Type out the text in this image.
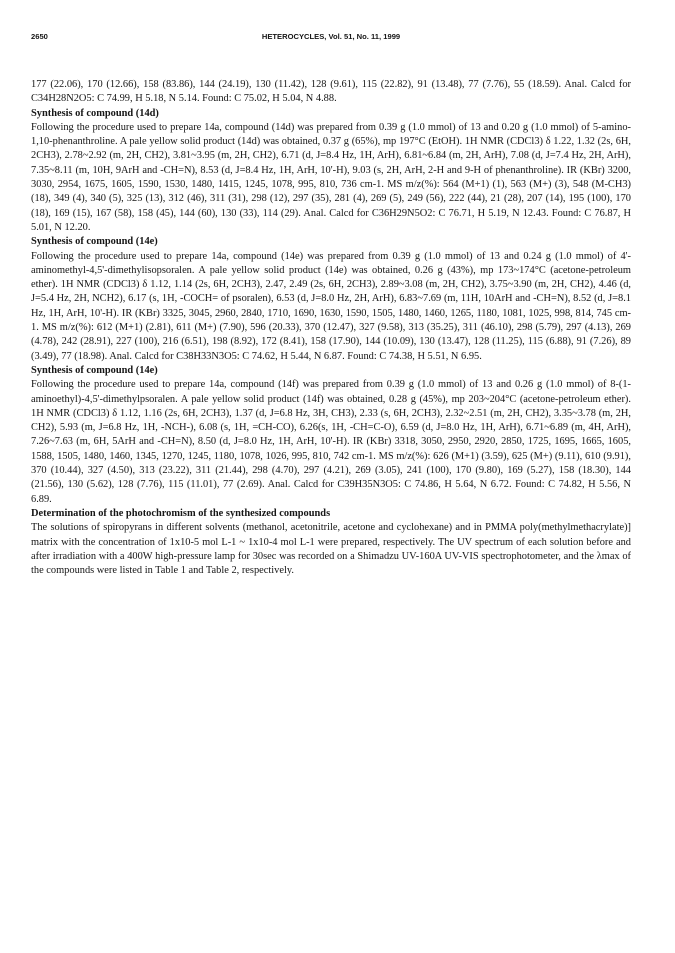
2650	HETEROCYCLES, Vol. 51, No. 11, 1999

177 (22.06), 170 (12.66), 158 (83.86), 144 (24.19), 130 (11.42), 128 (9.61), 115 (22.82), 91 (13.48), 77 (7.76), 55 (18.59). Anal. Calcd for C34H28N2O5: C 74.99, H 5.18, N 5.14. Found: C 75.02, H 5.04, N 4.88.

Synthesis of compound (14d)

Following the procedure used to prepare 14a, compound (14d) was prepared from 0.39 g (1.0 mmol) of 13 and 0.20 g (1.0 mmol) of 5-amino-1,10-phenanthroline. A pale yellow solid product (14d) was obtained, 0.37 g (65%), mp 197°C (EtOH). 1H NMR (CDCl3) δ 1.22, 1.32 (2s, 6H, 2CH3), 2.78~2.92 (m, 2H, CH2), 3.81~3.95 (m, 2H, CH2), 6.71 (d, J=8.4 Hz, 1H, ArH), 6.81~6.84 (m, 2H, ArH), 7.08 (d, J=7.4 Hz, 2H, ArH), 7.35~8.11 (m, 10H, 9ArH and -CH=N), 8.53 (d, J=8.4 Hz, 1H, ArH, 10'-H), 9.03 (s, 2H, ArH, 2-H and 9-H of phenanthroline). IR (KBr) 3200, 3030, 2954, 1675, 1605, 1590, 1530, 1480, 1415, 1245, 1078, 995, 810, 736 cm-1. MS m/z(%): 564 (M+1) (1), 563 (M+) (3), 548 (M-CH3) (18), 349 (4), 340 (5), 325 (13), 312 (46), 311 (31), 298 (12), 297 (35), 281 (4), 269 (5), 249 (56), 222 (44), 21 (28), 207 (14), 195 (100), 170 (18), 169 (15), 167 (58), 158 (45), 144 (60), 130 (33), 114 (29). Anal. Calcd for C36H29N5O2: C 76.71, H 5.19, N 12.43. Found: C 76.87, H 5.01, N 12.20.

Synthesis of compound (14e)

Following the procedure used to prepare 14a, compound (14e) was prepared from 0.39 g (1.0 mmol) of 13 and 0.24 g (1.0 mmol) of 4'-aminomethyl-4,5'-dimethylisopsoralen. A pale yellow solid product (14e) was obtained, 0.26 g (43%), mp 173~174°C (acetone-petroleum ether). 1H NMR (CDCl3) δ 1.12, 1.14 (2s, 6H, 2CH3), 2.47, 2.49 (2s, 6H, 2CH3), 2.89~3.08 (m, 2H, CH2), 3.75~3.90 (m, 2H, CH2), 4.46 (d, J=5.4 Hz, 2H, NCH2), 6.17 (s, 1H, -COCH= of psoralen), 6.53 (d, J=8.0 Hz, 2H, ArH), 6.83~7.69 (m, 11H, 10ArH and -CH=N), 8.52 (d, J=8.1 Hz, 1H, ArH, 10'-H). IR (KBr) 3325, 3045, 2960, 2840, 1710, 1690, 1630, 1590, 1505, 1480, 1460, 1265, 1180, 1081, 1025, 998, 814, 745 cm-1. MS m/z(%): 612 (M+1) (2.81), 611 (M+) (7.90), 596 (20.33), 370 (12.47), 327 (9.58), 313 (35.25), 311 (46.10), 298 (5.79), 297 (4.13), 269 (4.78), 242 (28.91), 227 (100), 216 (6.51), 198 (8.92), 172 (8.41), 158 (17.90), 144 (10.09), 130 (13.47), 128 (11.25), 115 (6.88), 91 (7.26), 89 (3.49), 77 (18.98). Anal. Calcd for C38H33N3O5: C 74.62, H 5.44, N 6.87. Found: C 74.38, H 5.51, N 6.95.

Synthesis of compound (14e)

Following the procedure used to prepare 14a, compound (14f) was prepared from 0.39 g (1.0 mmol) of 13 and 0.26 g (1.0 mmol) of 8-(1-aminoethyl)-4,5'-dimethylpsoralen. A pale yellow solid product (14f) was obtained, 0.28 g (45%), mp 203~204°C (acetone-petroleum ether). 1H NMR (CDCl3) δ 1.12, 1.16 (2s, 6H, 2CH3), 1.37 (d, J=6.8 Hz, 3H, CH3), 2.33 (s, 6H, 2CH3), 2.32~2.51 (m, 2H, CH2), 3.35~3.78 (m, 2H, CH2), 5.93 (m, J=6.8 Hz, 1H, -NCH-), 6.08 (s, 1H, =CH-CO), 6.26(s, 1H, -CH=C-O), 6.59 (d, J=8.0 Hz, 1H, ArH), 6.71~6.89 (m, 4H, ArH), 7.26~7.63 (m, 6H, 5ArH and -CH=N), 8.50 (d, J=8.0 Hz, 1H, ArH, 10'-H). IR (KBr) 3318, 3050, 2950, 2920, 2850, 1725, 1695, 1665, 1605, 1588, 1505, 1480, 1460, 1345, 1270, 1245, 1180, 1078, 1026, 995, 810, 742 cm-1. MS m/z(%): 626 (M+1) (3.59), 625 (M+) (9.11), 610 (9.91), 370 (10.44), 327 (4.50), 313 (23.22), 311 (21.44), 298 (4.70), 297 (4.21), 269 (3.05), 241 (100), 170 (9.80), 169 (5.27), 158 (18.30), 144 (21.56), 130 (5.62), 128 (7.76), 115 (11.01), 77 (2.69). Anal. Calcd for C39H35N3O5: C 74.86, H 5.64, N 6.72. Found: C 74.82, H 5.56, N 6.89.

Determination of the photochromism of the synthesized compounds

The solutions of spiropyrans in different solvents (methanol, acetonitrile, acetone and cyclohexane) and in PMMA poly(methylmethacrylate)] matrix with the concentration of 1x10-5 mol L-1 ~ 1x10-4 mol L-1 were prepared, respectively. The UV spectrum of each solution before and after irradiation with a 400W high-pressure lamp for 30sec was recorded on a Shimadzu UV-160A UV-VIS spectrophotometer, and the λmax of the compounds were listed in Table 1 and Table 2, respectively.
